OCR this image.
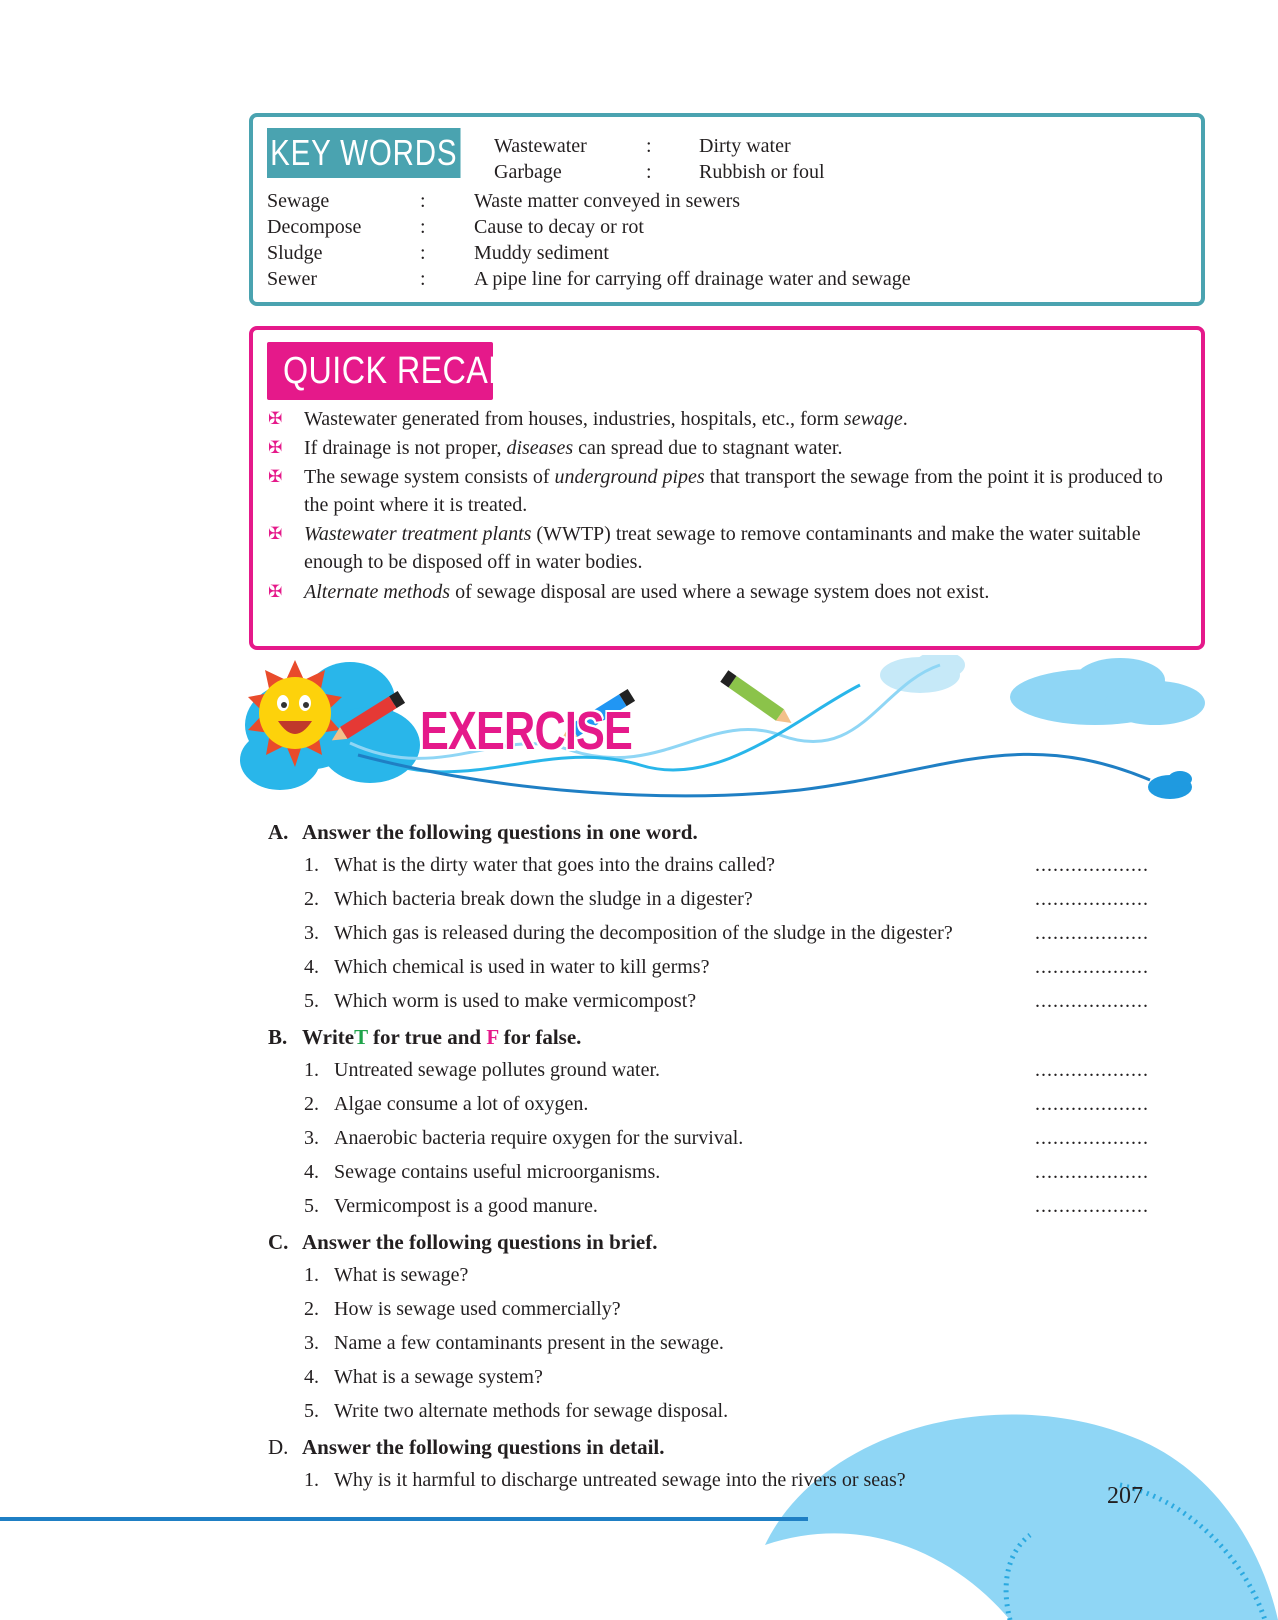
KEY WORDS Wastewater	: Dirty water
Garbage	: Rubbish or foul
Sewage	: Waste matter conveyed in sewers
Decompose	: Cause to decay or rot
Sludge	: Muddy sediment
Sewer	: A pipe line for carrying off drainage water and sewage
QUICK RECAP
✠ Wastewater generated from houses, industries, hospitals, etc., form sewage.
✠ If drainage is not proper, diseases can spread due to stagnant water.
✠ The sewage system consists of underground pipes that transport the sewage from the point it is produced to the point where it is treated.
✠ Wastewater treatment plants (WWTP) treat sewage to remove contaminants and make the water suitable enough to be disposed off in water bodies.
✠ Alternate methods of sewage disposal are used where a sewage system does not exist.
EXERCISE
A. Answer the following questions in one word.
1. What is the dirty water that goes into the drains called?	...................
2. Which bacteria break down the sludge in a digester?	...................
3. Which gas is released during the decomposition of the sludge in the digester?	...................
4. Which chemical is used in water to kill germs?	...................
5. Which worm is used to make vermicompost?	...................
B. WriteT for true and F for false.
1. Untreated sewage pollutes ground water.	...................
2. Algae consume a lot of oxygen.	...................
3. Anaerobic bacteria require oxygen for the survival.	...................
4. Sewage contains useful microorganisms.	...................
5. Vermicompost is a good manure.	...................
C. Answer the following questions in brief.
1. What is sewage?
2. How is sewage used commercially?
3. Name a few contaminants present in the sewage.
4. What is a sewage system?
5. Write two alternate methods for sewage disposal.
D. Answer the following questions in detail.
1. Why is it harmful to discharge untreated sewage into the rivers or seas?
207
